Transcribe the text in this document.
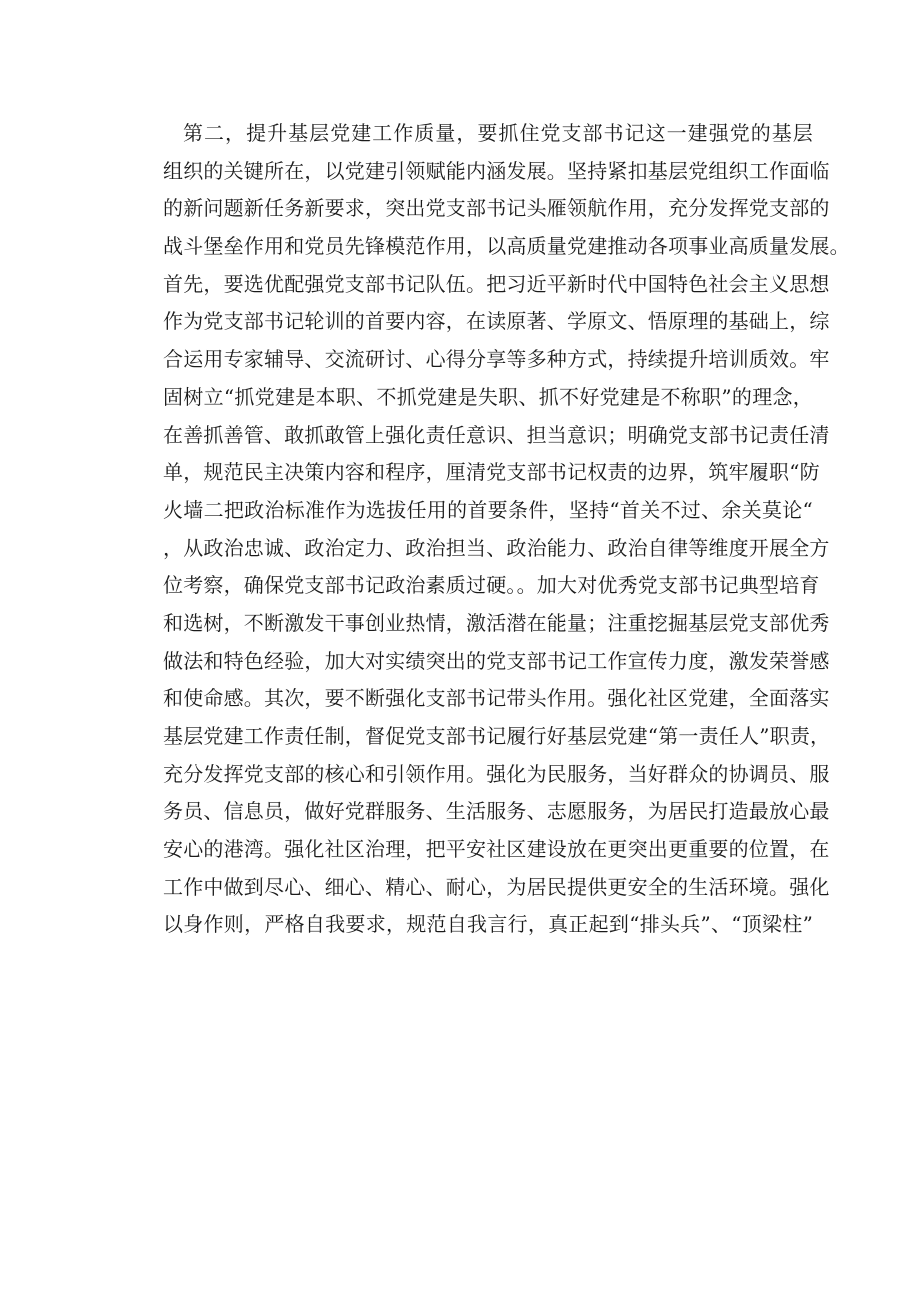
第二，提升基层党建工作质量，要抓住党支部书记这一建强党的基层
组织的关键所在，以党建引领赋能内涵发展。坚持紧扣基层党组织工作面临
的新问题新任务新要求，突出党支部书记头雁领航作用，充分发挥党支部的
战斗堡垒作用和党员先锋模范作用，以高质量党建推动各项事业高质量发展。
首先，要选优配强党支部书记队伍。把习近平新时代中国特色社会主义思想
作为党支部书记轮训的首要内容，在读原著、学原文、悟原理的基础上，综
合运用专家辅导、交流研讨、心得分享等多种方式，持续提升培训质效。牢
固树立“抓党建是本职、不抓党建是失职、抓不好党建是不称职”的理念，
在善抓善管、敢抓敢管上强化责任意识、担当意识；明确党支部书记责任清
单，规范民主决策内容和程序，厘清党支部书记权责的边界，筑牢履职“防
火墙二把政治标准作为选拔任用的首要条件，坚持“首关不过、余关莫论“
，从政治忠诚、政治定力、政治担当、政治能力、政治自律等维度开展全方
位考察，确保党支部书记政治素质过硬。。加大对优秀党支部书记典型培育
和选树，不断激发干事创业热情，激活潜在能量；注重挖掘基层党支部优秀
做法和特色经验，加大对实绩突出的党支部书记工作宣传力度，激发荣誉感
和使命感。其次，要不断强化支部书记带头作用。强化社区党建，全面落实
基层党建工作责任制，督促党支部书记履行好基层党建“第一责任人”职责，
充分发挥党支部的核心和引领作用。强化为民服务，当好群众的协调员、服
务员、信息员，做好党群服务、生活服务、志愿服务，为居民打造最放心最
安心的港湾。强化社区治理，把平安社区建设放在更突出更重要的位置，在
工作中做到尽心、细心、精心、耐心，为居民提供更安全的生活环境。强化
以身作则，严格自我要求，规范自我言行，真正起到“排头兵”、“顶梁柱”
